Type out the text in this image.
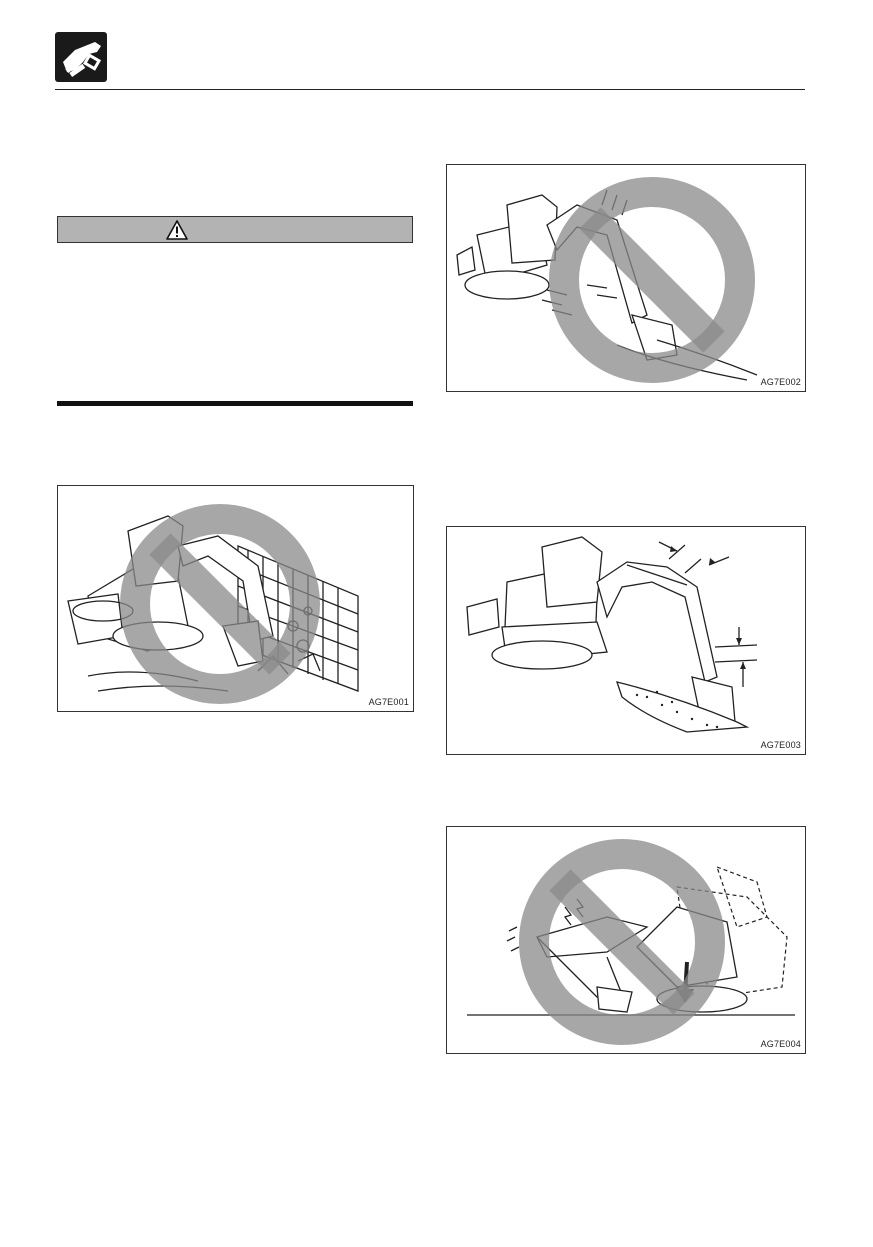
AG7E001
AG7E002
AG7E003
AG7E004
